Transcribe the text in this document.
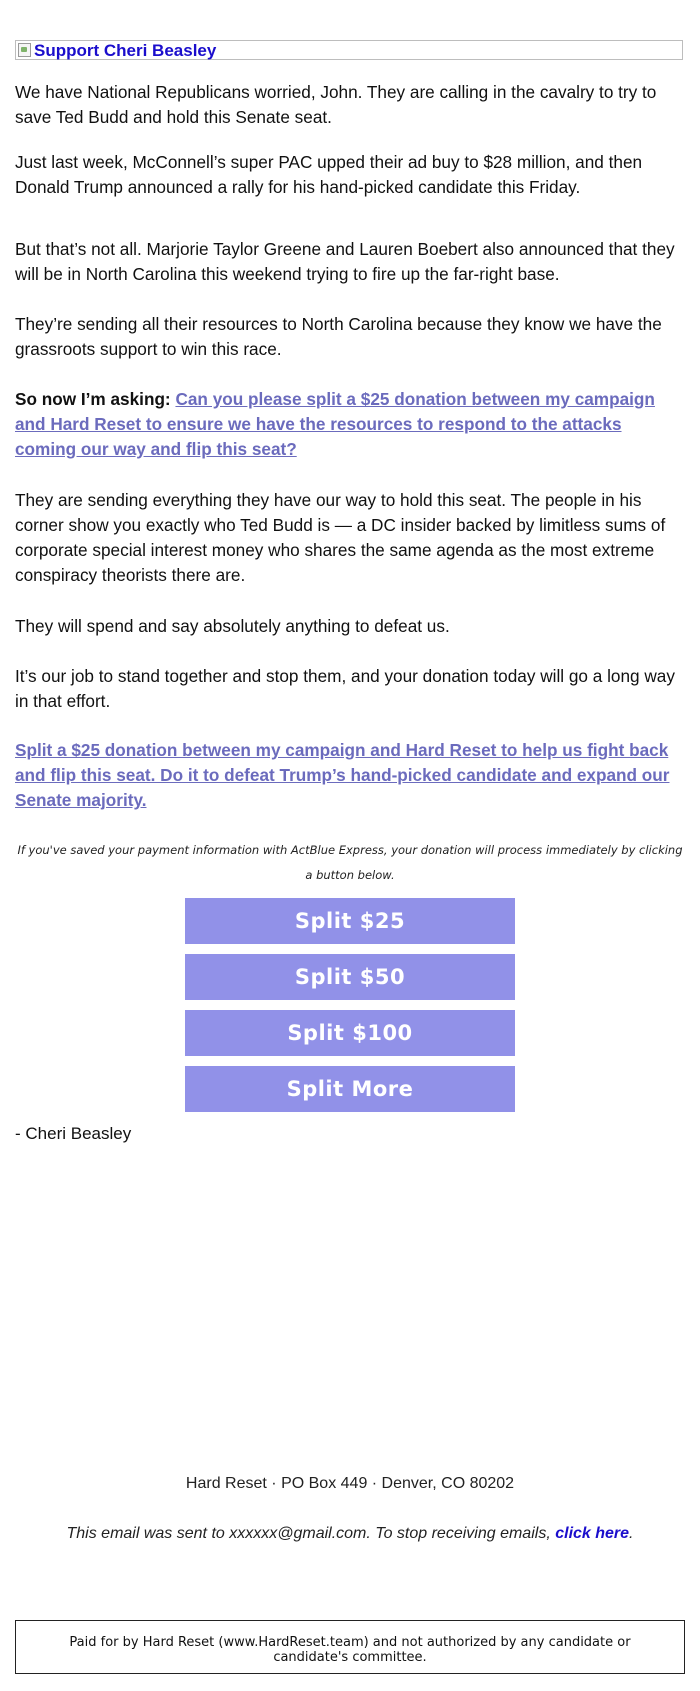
Support Cheri Beasley

We have National Republicans worried, John. They are calling in the cavalry to try to save Ted Budd and hold this Senate seat.

Just last week, McConnell’s super PAC upped their ad buy to $28 million, and then Donald Trump announced a rally for his hand-picked candidate this Friday.

But that’s not all. Marjorie Taylor Greene and Lauren Boebert also announced that they will be in North Carolina this weekend trying to fire up the far-right base.

They’re sending all their resources to North Carolina because they know we have the grassroots support to win this race.

So now I’m asking: Can you please split a $25 donation between my campaign and Hard Reset to ensure we have the resources to respond to the attacks coming our way and flip this seat?

They are sending everything they have our way to hold this seat. The people in his corner show you exactly who Ted Budd is — a DC insider backed by limitless sums of corporate special interest money who shares the same agenda as the most extreme conspiracy theorists there are.

They will spend and say absolutely anything to defeat us.

It’s our job to stand together and stop them, and your donation today will go a long way in that effort.

Split a $25 donation between my campaign and Hard Reset to help us fight back and flip this seat. Do it to defeat Trump’s hand-picked candidate and expand our Senate majority.

If you've saved your payment information with ActBlue Express, your donation will process immediately by clicking a button below.
Split $25
Split $50
Split $100
Split More
- Cheri Beasley
Hard Reset · PO Box 449 · Denver, CO 80202
This email was sent to xxxxxx@gmail.com. To stop receiving emails, click here.
Paid for by Hard Reset (www.HardReset.team) and not authorized by any candidate or candidate's committee.
